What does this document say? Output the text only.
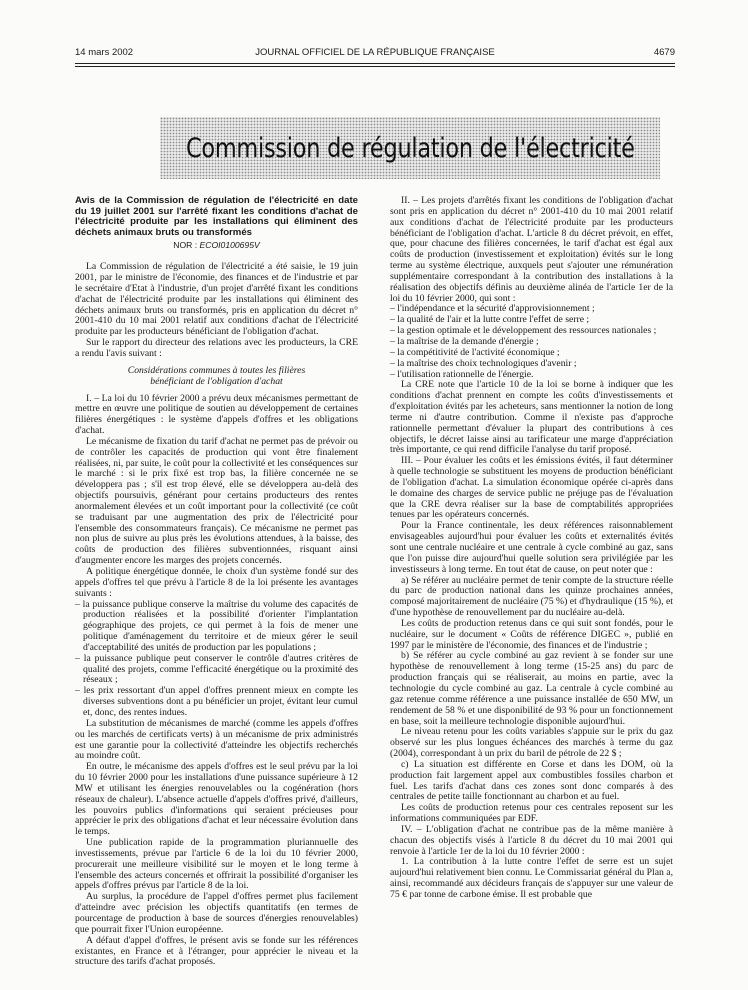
14 mars 2002	JOURNAL OFFICIEL DE LA RÉPUBLIQUE FRANÇAISE	4679
Commission de régulation de l'électricité

Avis de la Commission de régulation de l'électricité en date du 19 juillet 2001 sur l'arrêté fixant les conditions d'achat de l'électricité produite par les installations qui éliminent des déchets animaux bruts ou transformés

NOR : ECOI0100695V

La Commission de régulation de l'électricité a été saisie, le 19 juin 2001, par le ministre de l'économie, des finances et de l'industrie et par le secrétaire d'Etat à l'industrie, d'un projet d'arrêté fixant les conditions d'achat de l'électricité produite par les installations qui éliminent des déchets animaux bruts ou transformés, pris en application du décret n° 2001-410 du 10 mai 2001 relatif aux conditions d'achat de l'électricité produite par les producteurs bénéficiant de l'obligation d'achat.

Sur le rapport du directeur des relations avec les producteurs, la CRE a rendu l'avis suivant :

Considérations communes à toutes les filières
bénéficiant de l'obligation d'achat

I. – La loi du 10 février 2000 a prévu deux mécanismes permettant de mettre en œuvre une politique de soutien au développement de certaines filières énergétiques : le système d'appels d'offres et les obligations d'achat.

Le mécanisme de fixation du tarif d'achat ne permet pas de prévoir ou de contrôler les capacités de production qui vont être finalement réalisées, ni, par suite, le coût pour la collectivité et les conséquences sur le marché : si le prix fixé est trop bas, la filière concernée ne se développera pas ; s'il est trop élevé, elle se développera au-delà des objectifs poursuivis, générant pour certains producteurs des rentes anormalement élevées et un coût important pour la collectivité (ce coût se traduisant par une augmentation des prix de l'électricité pour l'ensemble des consommateurs français). Ce mécanisme ne permet pas non plus de suivre au plus près les évolutions attendues, à la baisse, des coûts de production des filières subventionnées, risquant ainsi d'augmenter encore les marges des projets concernés.

A politique énergétique donnée, le choix d'un système fondé sur des appels d'offres tel que prévu à l'article 8 de la loi présente les avantages suivants :

– la puissance publique conserve la maîtrise du volume des capacités de production réalisées et la possibilité d'orienter l'implantation géographique des projets, ce qui permet à la fois de mener une politique d'aménagement du territoire et de mieux gérer le seuil d'acceptabilité des unités de production par les populations ;
– la puissance publique peut conserver le contrôle d'autres critères de qualité des projets, comme l'efficacité énergétique ou la proximité des réseaux ;
– les prix ressortant d'un appel d'offres prennent mieux en compte les diverses subventions dont a pu bénéficier un projet, évitant leur cumul et, donc, des rentes indues.

La substitution de mécanismes de marché (comme les appels d'offres ou les marchés de certificats verts) à un mécanisme de prix administrés est une garantie pour la collectivité d'atteindre les objectifs recherchés au moindre coût.

En outre, le mécanisme des appels d'offres est le seul prévu par la loi du 10 février 2000 pour les installations d'une puissance supérieure à 12 MW et utilisant les énergies renouvelables ou la cogénération (hors réseaux de chaleur). L'absence actuelle d'appels d'offres privé, d'ailleurs, les pouvoirs publics d'informations qui seraient précieuses pour apprécier le prix des obligations d'achat et leur nécessaire évolution dans le temps.

Une publication rapide de la programmation pluriannuelle des investissements, prévue par l'article 6 de la loi du 10 février 2000, procurerait une meilleure visibilité sur le moyen et le long terme à l'ensemble des acteurs concernés et offrirait la possibilité d'organiser les appels d'offres prévus par l'article 8 de la loi.

Au surplus, la procédure de l'appel d'offres permet plus facilement d'atteindre avec précision les objectifs quantitatifs (en termes de pourcentage de production à base de sources d'énergies renouvelables) que pourrait fixer l'Union européenne.

A défaut d'appel d'offres, le présent avis se fonde sur les références existantes, en France et à l'étranger, pour apprécier le niveau et la structure des tarifs d'achat proposés.

II. – Les projets d'arrêtés fixant les conditions de l'obligation d'achat sont pris en application du décret n° 2001-410 du 10 mai 2001 relatif aux conditions d'achat de l'électricité produite par les producteurs bénéficiant de l'obligation d'achat. L'article 8 du décret prévoit, en effet, que, pour chacune des filières concernées, le tarif d'achat est égal aux coûts de production (investissement et exploitation) évités sur le long terme au système électrique, auxquels peut s'ajouter une rémunération supplémentaire correspondant à la contribution des installations à la réalisation des objectifs définis au deuxième alinéa de l'article 1er de la loi du 10 février 2000, qui sont :

– l'indépendance et la sécurité d'approvisionnement ;
– la qualité de l'air et la lutte contre l'effet de serre ;
– la gestion optimale et le développement des ressources nationales ;
– la maîtrise de la demande d'énergie ;
– la compétitivité de l'activité économique ;
– la maîtrise des choix technologiques d'avenir ;
– l'utilisation rationnelle de l'énergie.

La CRE note que l'article 10 de la loi se borne à indiquer que les conditions d'achat prennent en compte les coûts d'investissements et d'exploitation évités par les acheteurs, sans mentionner la notion de long terme ni d'autre contribution. Comme il n'existe pas d'approche rationnelle permettant d'évaluer la plupart des contributions à ces objectifs, le décret laisse ainsi au tarificateur une marge d'appréciation très importante, ce qui rend difficile l'analyse du tarif proposé.

III. – Pour évaluer les coûts et les émissions évités, il faut déterminer à quelle technologie se substituent les moyens de production bénéficiant de l'obligation d'achat. La simulation économique opérée ci-après dans le domaine des charges de service public ne préjuge pas de l'évaluation que la CRE devra réaliser sur la base de comptabilités appropriées tenues par les opérateurs concernés.

Pour la France continentale, les deux références raisonnablement envisageables aujourd'hui pour évaluer les coûts et externalités évités sont une centrale nucléaire et une centrale à cycle combiné au gaz, sans que l'on puisse dire aujourd'hui quelle solution sera privilégiée par les investisseurs à long terme. En tout état de cause, on peut noter que :

a) Se référer au nucléaire permet de tenir compte de la structure réelle du parc de production national dans les quinze prochaines années, composé majoritairement de nucléaire (75 %) et d'hydraulique (15 %), et d'une hypothèse de renouvellement par du nucléaire au-delà.

Les coûts de production retenus dans ce qui suit sont fondés, pour le nucléaire, sur le document « Coûts de référence DIGEC », publié en 1997 par le ministère de l'économie, des finances et de l'industrie ;

b) Se référer au cycle combiné au gaz revient à se fonder sur une hypothèse de renouvellement à long terme (15-25 ans) du parc de production français qui se réaliserait, au moins en partie, avec la technologie du cycle combiné au gaz. La centrale à cycle combiné au gaz retenue comme référence a une puissance installée de 650 MW, un rendement de 58 % et une disponibilité de 93 % pour un fonctionnement en base, soit la meilleure technologie disponible aujourd'hui.

Le niveau retenu pour les coûts variables s'appuie sur le prix du gaz observé sur les plus longues échéances des marchés à terme du gaz (2004), correspondant à un prix du baril de pétrole de 22 $ ;

c) La situation est différente en Corse et dans les DOM, où la production fait largement appel aux combustibles fossiles charbon et fuel. Les tarifs d'achat dans ces zones sont donc comparés à des centrales de petite taille fonctionnant au charbon et au fuel.

Les coûts de production retenus pour ces centrales reposent sur les informations communiquées par EDF.

IV. – L'obligation d'achat ne contribue pas de la même manière à chacun des objectifs visés à l'article 8 du décret du 10 mai 2001 qui renvoie à l'article 1er de la loi du 10 février 2000 :

1. La contribution à la lutte contre l'effet de serre est un sujet aujourd'hui relativement bien connu. Le Commissariat général du Plan a, ainsi, recommandé aux décideurs français de s'appuyer sur une valeur de 75 € par tonne de carbone émise. Il est probable que
